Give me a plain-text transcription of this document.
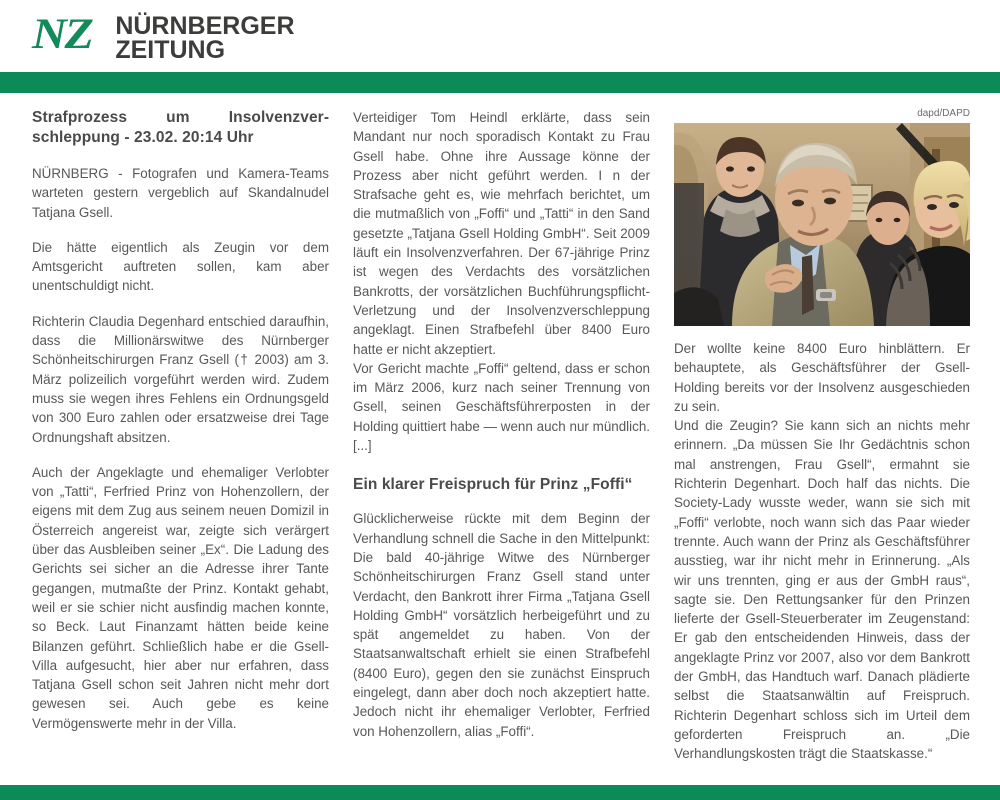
NZ NÜRNBERGER
ZEITUNG
Strafprozess um Insolvenzverschleppung - 23.02. 20:14 Uhr

NÜRNBERG - Fotografen und Kamera-Teams warteten gestern vergeblich auf Skandalnudel Tatjana Gsell.

Die hätte eigentlich als Zeugin vor dem Amtsgericht auftreten sollen, kam aber unentschuldigt nicht.

Richterin Claudia Degenhard entschied daraufhin, dass die Millionärswitwe des Nürnberger Schönheitschirurgen Franz Gsell († 2003) am 3. März polizeilich vorgeführt werden wird. Zudem muss sie wegen ihres Fehlens ein Ordnungsgeld von 300 Euro zahlen oder ersatzweise drei Tage Ordnungshaft absitzen.

Auch der Angeklagte und ehemaliger Verlobter von „Tatti“, Ferfried Prinz von Hohenzollern, der eigens mit dem Zug aus seinem neuen Domizil in Österreich angereist war, zeigte sich verärgert über das Ausbleiben seiner „Ex“. Die Ladung des Gerichts sei sicher an die Adresse ihrer Tante gegangen, mutmaßte der Prinz. Kontakt gehabt, weil er sie schier nicht ausfindig machen konnte, so Beck. Laut Finanzamt hätten beide keine Bilanzen geführt. Schließlich habe er die Gsell-Villa aufgesucht, hier aber nur erfahren, dass Tatjana Gsell schon seit Jahren nicht mehr dort gewesen sei. Auch gebe es keine Vermögenswerte mehr in der Villa.

Verteidiger Tom Heindl erklärte, dass sein Mandant nur noch sporadisch Kontakt zu Frau Gsell habe. Ohne ihre Aussage könne der Prozess aber nicht geführt werden. I n der Strafsache geht es, wie mehrfach berichtet, um die mutmaßlich von „Foffi“ und „Tatti“ in den Sand gesetzte „Tatjana Gsell Holding GmbH“. Seit 2009 läuft ein Insolvenzverfahren. Der 67-jährige Prinz ist wegen des Verdachts des vorsätzlichen Bankrotts, der vorsätzlichen Buchführungspflicht-Verletzung und der Insolvenzverschleppung angeklagt. Einen Strafbefehl über 8400 Euro hatte er nicht akzeptiert.

Vor Gericht machte „Foffi“ geltend, dass er schon im März 2006, kurz nach seiner Trennung von Gsell, seinen Geschäftsführerposten in der Holding quittiert habe — wenn auch nur mündlich. [...]

Ein klarer Freispruch für Prinz „Foffi“

Glücklicherweise rückte mit dem Beginn der Verhandlung schnell die Sache in den Mittelpunkt: Die bald 40-jährige Witwe des Nürnberger Schönheitschirurgen Franz Gsell stand unter Verdacht, den Bankrott ihrer Firma „Tatjana Gsell Holding GmbH“ vorsätzlich herbeigeführt und zu spät angemeldet zu haben. Von der Staatsanwaltschaft erhielt sie einen Strafbefehl (8400 Euro), gegen den sie zunächst Einspruch eingelegt, dann aber doch noch akzeptiert hatte. Jedoch nicht ihr ehemaliger Verlobter, Ferfried von Hohenzollern, alias „Foffi“.

dapd/DAPD

Der wollte keine 8400 Euro hinblättern. Er behauptete, als Geschäftsführer der Gsell-Holding bereits vor der Insolvenz ausgeschieden zu sein.

Und die Zeugin? Sie kann sich an nichts mehr erinnern. „Da müssen Sie Ihr Gedächtnis schon mal anstrengen, Frau Gsell“, ermahnt sie Richterin Degenhart. Doch half das nichts. Die Society-Lady wusste weder, wann sie sich mit „Foffi“ verlobte, noch wann sich das Paar wieder trennte. Auch wann der Prinz als Geschäftsführer ausstieg, war ihr nicht mehr in Erinnerung. „Als wir uns trennten, ging er aus der GmbH raus“, sagte sie. Den Rettungsanker für den Prinzen lieferte der Gsell-Steuerberater im Zeugenstand: Er gab den entscheidenden Hinweis, dass der angeklagte Prinz vor 2007, also vor dem Bankrott der GmbH, das Handtuch warf. Danach plädierte selbst die Staatsanwältin auf Freispruch. Richterin Degenhart schloss sich im Urteil dem geforderten Freispruch an. „Die Verhandlungskosten trägt die Staatskasse.“
